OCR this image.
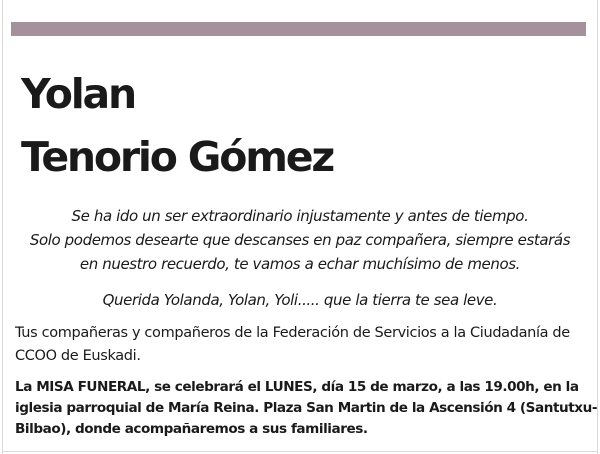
Yolan
Tenorio Gómez

Se ha ido un ser extraordinario injustamente y antes de tiempo.

Solo podemos desearte que descanses en paz compañera, siempre estarás

en nuestro recuerdo, te vamos a echar muchísimo de menos.

Querida Yolanda, Yolan, Yoli..... que la tierra te sea leve.

Tus compañeras y compañeros de la Federación de Servicios a la Ciudadanía de CCOO de Euskadi.

La MISA FUNERAL, se celebrará el LUNES, día 15 de marzo, a las 19.00h, en la
iglesia parroquial de María Reina. Plaza San Martin de la Ascensión 4 (Santutxu-
Bilbao), donde acompañaremos a sus familiares.
